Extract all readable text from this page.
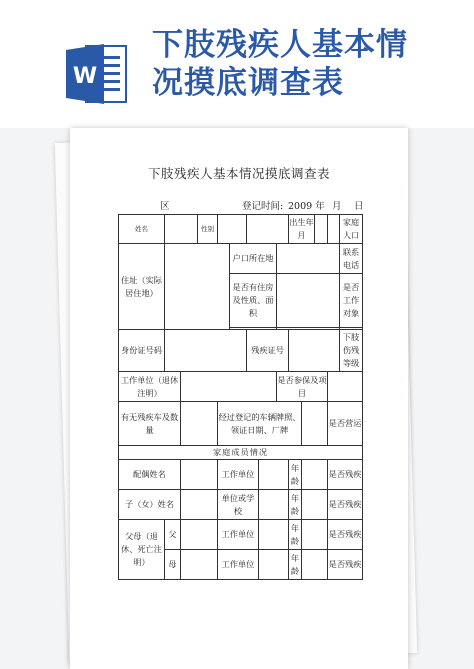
W
下肢残疾人基本情
况摸底调查表
下肢残疾人基本情况摸底调查表
区	登记时间: 2009 年 月 日
姓名			性别						出生年月				家庭人口
住址（实际居住地）					户口所在地								联系电话
					是否有住房及性质、面积								是否工作对象

身份证号码						残疾证号							下肢伤残等级
工作单位（退休注明）								是否参保及项目					
有无残疾车及数量				经过登记的车辆牌照、领证日期、厂牌								是否营运	
家庭成员情况													
配偶姓名				工作单位					年龄			是否残疾	
子（女）姓名				单位或学校					年龄			是否残疾	
父母（退休、死亡注明）	父			工作单位					年龄			是否残疾	
	母			工作单位					年龄			是否残疾	
